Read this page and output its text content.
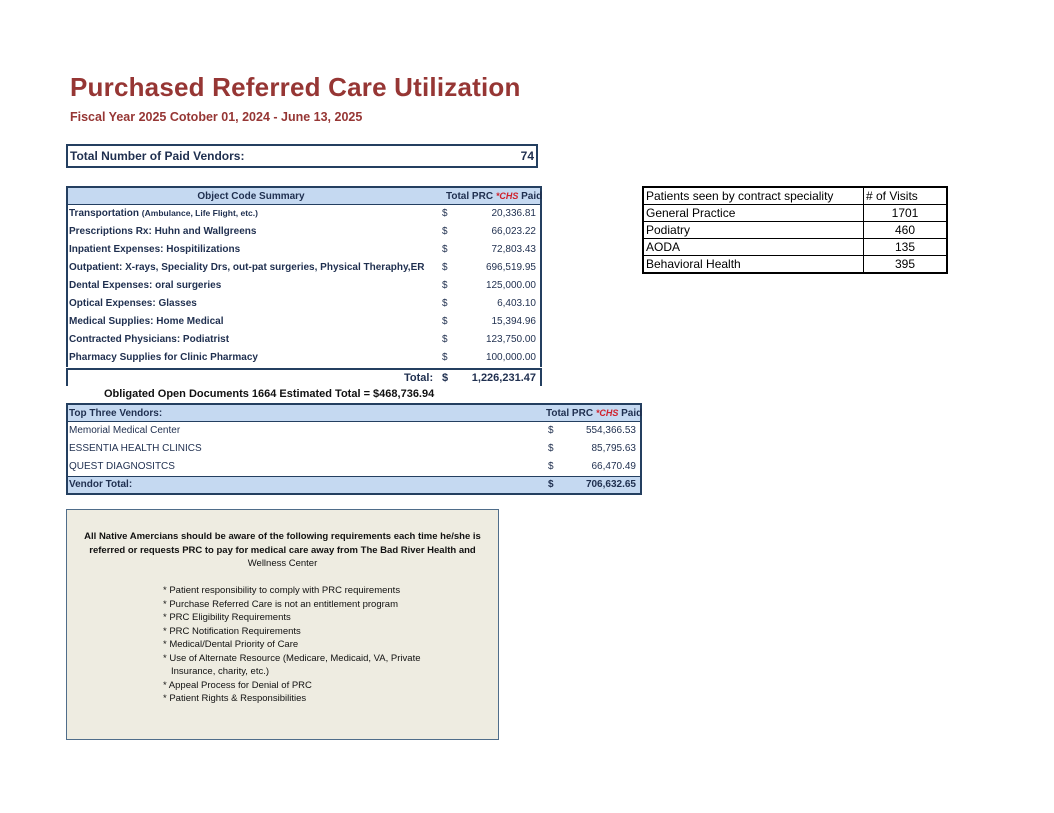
Purchased Referred Care Utilization
Fiscal Year 2025 Cotober 01, 2024 - June 13, 2025
Total Number of Paid Vendors:	74
Object Code Summary	Total PRC *CHS Paid
Transportation (Ambulance, Life Flight, etc.)	$	20,336.81
Prescriptions Rx: Huhn and Wallgreens	$	66,023.22
Inpatient Expenses: Hospitilizations	$	72,803.43
Outpatient: X-rays, Speciality Drs, out-pat surgeries, Physical Theraphy,ER $	696,519.95
Dental Expenses: oral surgeries	$	125,000.00
Optical Expenses: Glasses	$	6,403.10
Medical Supplies: Home Medical	$	15,394.96
Contracted Physicians: Podiatrist	$	123,750.00
Pharmacy Supplies for Clinic Pharmacy	$	100,000.00
Total: $ 1,226,231.47
Obligated Open Documents 1664 Estimated Total = $468,736.94
Top Three Vendors:	Total PRC *CHS Paid
Memorial Medical Center	$	554,366.53
ESSENTIA HEALTH CLINICS	$	85,795.63
QUEST DIAGNOSITCS	$	66,470.49
Vendor Total:	$	706,632.65
Patients seen by contract speciality	# of Visits
General Practice	1701
Podiatry	460
AODA	135
Behavioral Health	395
All Native Amercians should be aware of the following requirements each time he/she is referred or requests PRC to pay for medical care away from The Bad River Health and
Wellness Center
* Patient responsibility to comply with PRC requirements
* Purchase Referred Care is not an entitlement program
* PRC Eligibility Requirements
* PRC Notification Requirements
* Medical/Dental Priority of Care
* Use of Alternate Resource (Medicare, Medicaid, VA, Private Insurance, charity, etc.)
* Appeal Process for Denial of PRC
* Patient Rights & Responsibilities
